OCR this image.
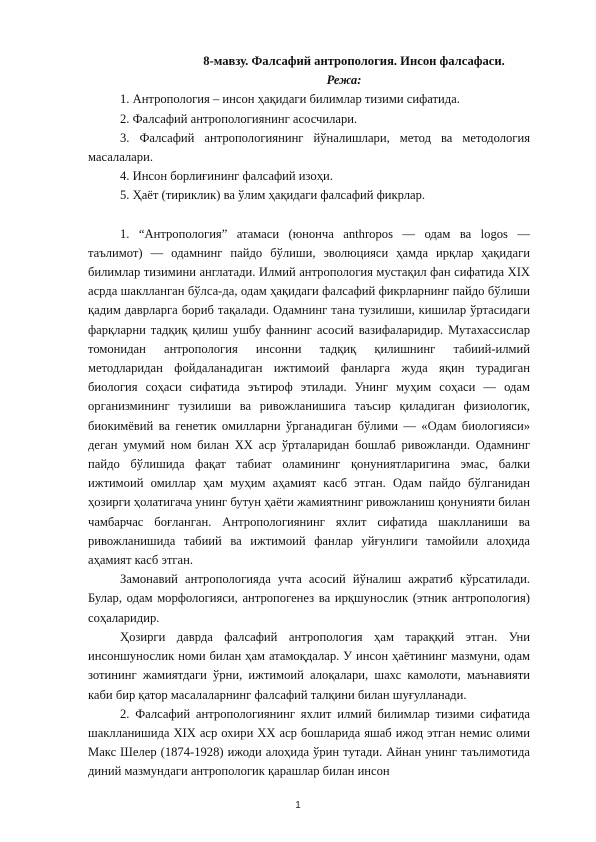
8-мавзу. Фалсафий антропология. Инсон фалсафаси.

Режа:

1. Антропология – инсон ҳақидаги билимлар тизими сифатида.
2. Фалсафий антропологиянинг асосчилари.
3. Фалсафий антропологиянинг йўналишлари, метод ва методология масалалари.
4. Инсон борлиғининг фалсафий изоҳи.
5. Ҳаёт (тириклик) ва ўлим ҳақидаги фалсафий фикрлар.

1. “Антропология” атамаси (юнонча anthropos — одам ва logos — таълимот) — одамнинг пайдо бўлиши, эволюцияси ҳамда ирқлар ҳақидаги билимлар тизимини англатади. Илмий антропология мустақил фан сифатида XIX асрда шаклланган бўлса-да, одам ҳақидаги фалсафий фикрларнинг пайдо бўлиши қадим даврларга бориб тақалади. Одамнинг тана тузилиши, кишилар ўртасидаги фарқларни тадқиқ қилиш ушбу фаннинг асосий вазифаларидир. Мутахассислар томонидан антропология инсонни тадқиқ қилишнинг табиий-илмий методларидан фойдаланадиган ижтимоий фанларга жуда яқин турадиган биология соҳаси сифатида эътироф этилади. Унинг муҳим соҳаси — одам организмининг тузилиши ва ривожланишига таъсир қиладиган физиологик, биокимёвий ва генетик омилларни ўрганадиган бўлими — «Одам биологияси» деган умумий ном билан XX аср ўрталаридан бошлаб ривожланди. Одамнинг пайдо бўлишида фақат табиат оламининг қонуниятларигина эмас, балки ижтимоий омиллар ҳам муҳим аҳамият касб этган. Одам пайдо бўлганидан ҳозирги ҳолатигача унинг бутун ҳаёти жамиятнинг ривожланиш қонунияти билан чамбарчас боғланган. Антропологиянинг яхлит сифатида шаклланиши ва ривожланишида табиий ва ижтимоий фанлар уйғунлиги тамойили алоҳида аҳамият касб этган.

Замонавий антропологияда учта асосий йўналиш ажратиб кўрсатилади. Булар, одам морфологияси, антропогенез ва ирқшунослик (этник антропология) соҳаларидир.

Ҳозирги даврда фалсафий антропология ҳам тараққий этган. Уни инсоншунослик номи билан ҳам атамоқдалар. У инсон ҳаётининг мазмуни, одам зотининг жамиятдаги ўрни, ижтимоий алоқалари, шахс камолоти, маънавияти каби бир қатор масалаларнинг фалсафий талқини билан шуғулланади.

2. Фалсафий антропологиянинг яхлит илмий билимлар тизими сифатида шаклланишида XIX аср охири XX аср бошларида яшаб ижод этган немис олими Макс Шелер (1874-1928) ижоди алоҳида ўрин тутади. Айнан унинг таълимотида диний мазмундаги антропологик қарашлар билан инсон

1
